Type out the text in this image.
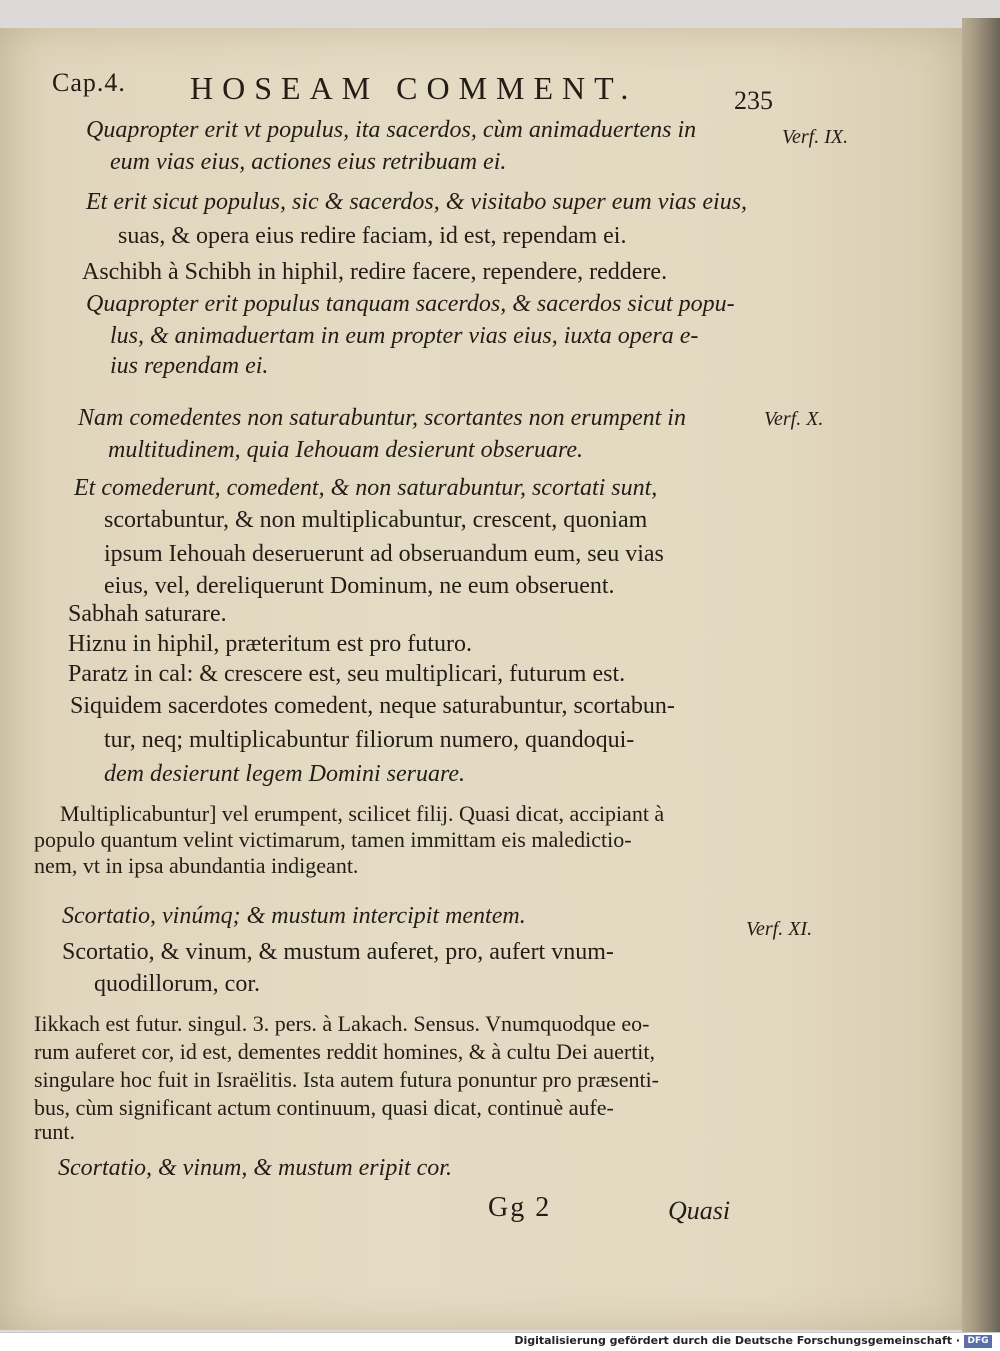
Cap.4. HOSEAM COMMENT.	235
Quapropter erit vt populus, ita sacerdos, cùm animaduertens in
eum vias eius, actiones eius retribuam ei.
Et erit sicut populus, sic & sacerdos, & visitabo super eum vias eius,
suas, & opera eius redire faciam, id est, rependam ei.
Aschibh à Schibh in hiphil, redire facere, rependere, reddere.
Quapropter erit populus tanquam sacerdos, & sacerdos sicut popu-
lus, & animaduertam in eum propter vias eius, iuxta opera e-
ius rependam ei.
Nam comedentes non saturabuntur, scortantes non erumpent in
multitudinem, quia Iehouam desierunt obseruare.
Et comederunt, comedent, & non saturabuntur, scortati sunt,
scortabuntur, & non multiplicabuntur, crescent, quoniam
ipsum Iehouah deseruerunt ad obseruandum eum, seu vias
eius, vel, dereliquerunt Dominum, ne eum obseruent.
Sabhah saturare.
Hiznu in hiphil, præteritum est pro futuro.
Paratz in cal: & crescere est, seu multiplicari, futurum est.
Siquidem sacerdotes comedent, neque saturabuntur, scortabun-
tur, neq; multiplicabuntur filiorum numero, quandoqui-
dem desierunt legem Domini seruare.
Multiplicabuntur] vel erumpent, scilicet filij. Quasi dicat, accipiant à
populo quantum velint victimarum, tamen immittam eis maledictio-
nem, vt in ipsa abundantia indigeant.
Scortatio, vinúmq; & mustum intercipit mentem.
Scortatio, & vinum, & mustum auferet, pro, aufert vnum-
quodillorum, cor.
Iikkach est futur. singul. 3. pers. à Lakach. Sensus. Vnumquodque eo-
rum auferet cor, id est, dementes reddit homines, & à cultu Dei auertit,
singulare hoc fuit in Israëlitis. Ista autem futura ponuntur pro præsenti-
bus, cùm significant actum continuum, quasi dicat, continuè aufe-
runt.
Scortatio, & vinum, & mustum eripit cor.
Verf. IX.
Verf. X.
Verf. XI.
Gg 2	Quasi
Digitalisierung gefördert durch die Deutsche Forschungsgemeinschaft · DFG
